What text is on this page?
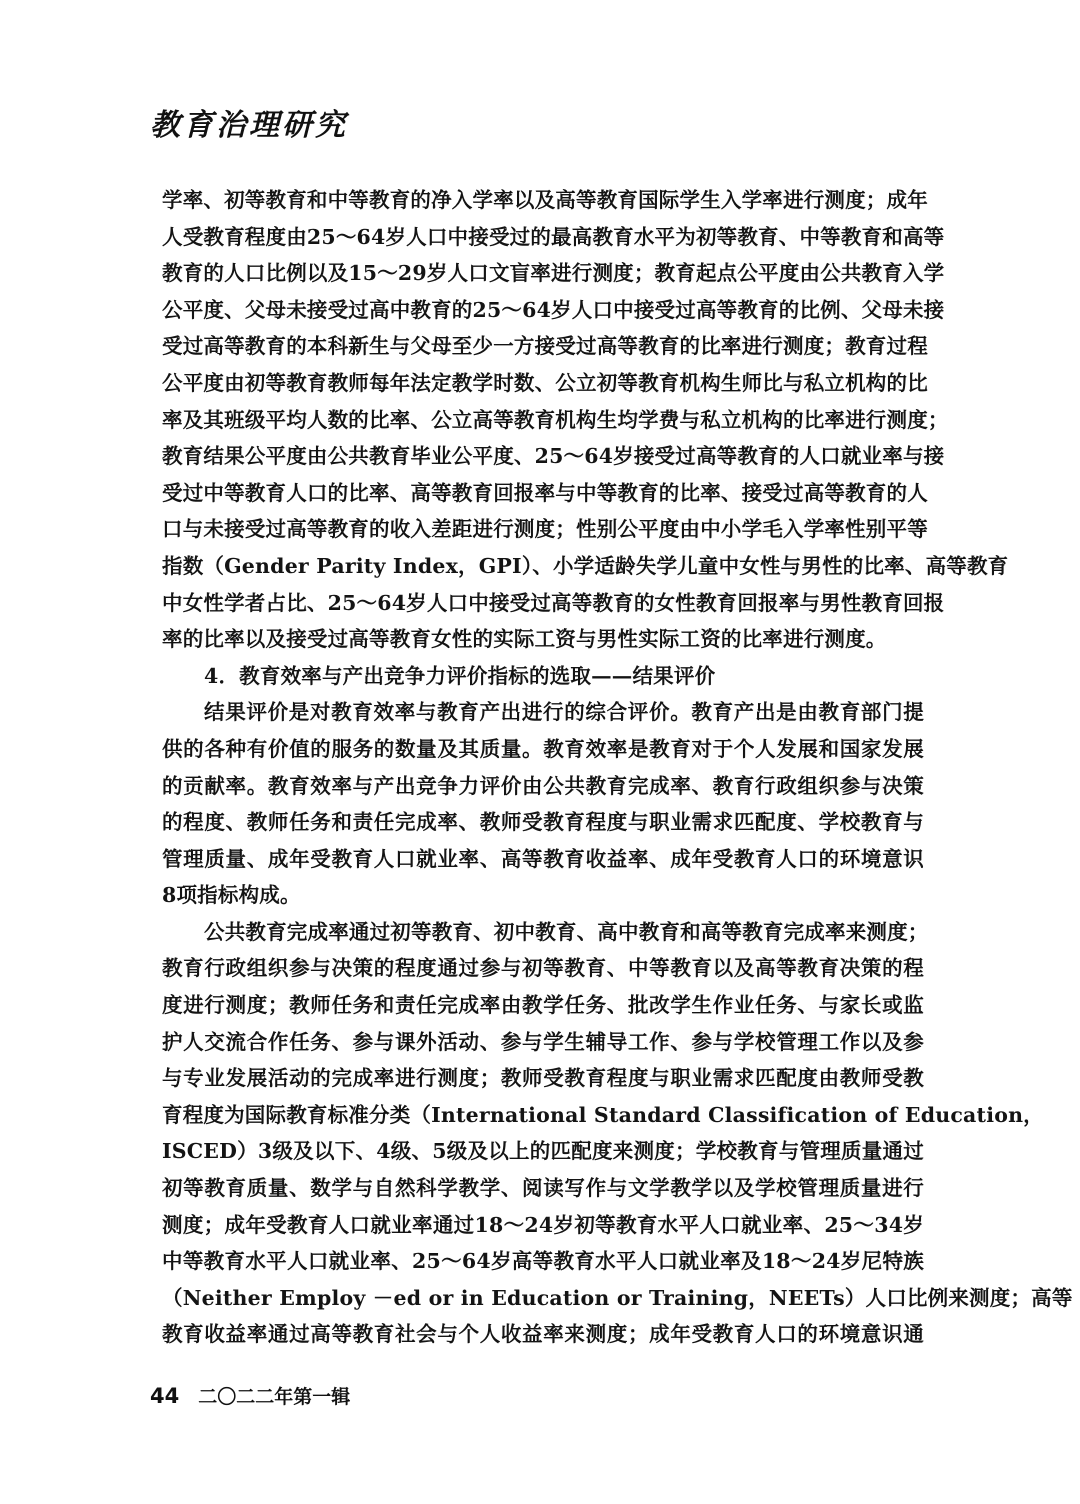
教育治理研究
学率、初等教育和中等教育的净入学率以及高等教育国际学生入学率进行测度；成年
人受教育程度由25～64岁人口中接受过的最高教育水平为初等教育、中等教育和高等
教育的人口比例以及15～29岁人口文盲率进行测度；教育起点公平度由公共教育入学
公平度、父母未接受过高中教育的25～64岁人口中接受过高等教育的比例、父母未接
受过高等教育的本科新生与父母至少一方接受过高等教育的比率进行测度；教育过程
公平度由初等教育教师每年法定教学时数、公立初等教育机构生师比与私立机构的比
率及其班级平均人数的比率、公立高等教育机构生均学费与私立机构的比率进行测度；
教育结果公平度由公共教育毕业公平度、25～64岁接受过高等教育的人口就业率与接
受过中等教育人口的比率、高等教育回报率与中等教育的比率、接受过高等教育的人
口与未接受过高等教育的收入差距进行测度；性别公平度由中小学毛入学率性别平等
指数（Gender Parity Index，GPI）、小学适龄失学儿童中女性与男性的比率、高等教育
中女性学者占比、25～64岁人口中接受过高等教育的女性教育回报率与男性教育回报
率的比率以及接受过高等教育女性的实际工资与男性实际工资的比率进行测度。
4．教育效率与产出竞争力评价指标的选取——结果评价
结果评价是对教育效率与教育产出进行的综合评价。教育产出是由教育部门提
供的各种有价值的服务的数量及其质量。教育效率是教育对于个人发展和国家发展
的贡献率。教育效率与产出竞争力评价由公共教育完成率、教育行政组织参与决策
的程度、教师任务和责任完成率、教师受教育程度与职业需求匹配度、学校教育与
管理质量、成年受教育人口就业率、高等教育收益率、成年受教育人口的环境意识
8项指标构成。
公共教育完成率通过初等教育、初中教育、高中教育和高等教育完成率来测度；
教育行政组织参与决策的程度通过参与初等教育、中等教育以及高等教育决策的程
度进行测度；教师任务和责任完成率由教学任务、批改学生作业任务、与家长或监
护人交流合作任务、参与课外活动、参与学生辅导工作、参与学校管理工作以及参
与专业发展活动的完成率进行测度；教师受教育程度与职业需求匹配度由教师受教
育程度为国际教育标准分类（International Standard Classification of Education，
ISCED）3级及以下、4级、5级及以上的匹配度来测度；学校教育与管理质量通过
初等教育质量、数学与自然科学教学、阅读写作与文学教学以及学校管理质量进行
测度；成年受教育人口就业率通过18～24岁初等教育水平人口就业率、25～34岁
中等教育水平人口就业率、25～64岁高等教育水平人口就业率及18～24岁尼特族
（Neither Employ －ed or in Education or Training，NEETs）人口比例来测度；高等
教育收益率通过高等教育社会与个人收益率来测度；成年受教育人口的环境意识通
44 二〇二二年第一辑
